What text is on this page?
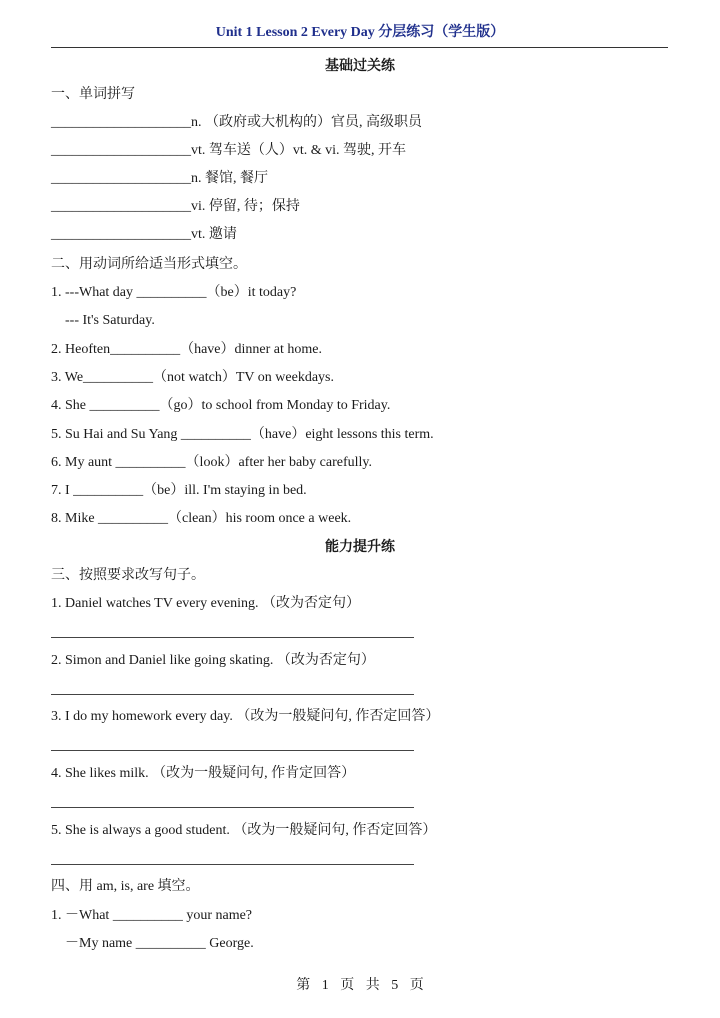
Unit 1 Lesson 2 Every Day 分层练习（学生版）
基础过关练
一、单词拼写
____________________n. （政府或大机构的）官员, 高级职员
____________________vt. 驾车送（人）vt. & vi. 驾驶, 开车
____________________n. 餐馆, 餐厅
____________________vi. 停留, 待；保持
____________________vt. 邀请
二、用动词所给适当形式填空。
1. ---What day __________（be）it today?
--- It's Saturday.
2. Heoften__________（have）dinner at home.
3. We__________（not watch）TV on weekdays.
4. She __________（go）to school from Monday to Friday.
5. Su Hai and Su Yang __________（have）eight lessons this term.
6. My aunt __________（look）after her baby carefully.
7. I __________（be）ill. I'm staying in bed.
8. Mike __________（clean）his room once a week.
能力提升练
三、按照要求改写句子。
1. Daniel watches TV every evening. （改为否定句）
2. Simon and Daniel like going skating. （改为否定句）
3. I do my homework every day. （改为一般疑问句, 作否定回答）
4. She likes milk. （改为一般疑问句, 作肯定回答）
5. She is always a good student. （改为一般疑问句, 作否定回答）
四、用 am, is, are 填空。
1. －What __________ your name?
－My name __________ George.
第 1 页 共 5 页
